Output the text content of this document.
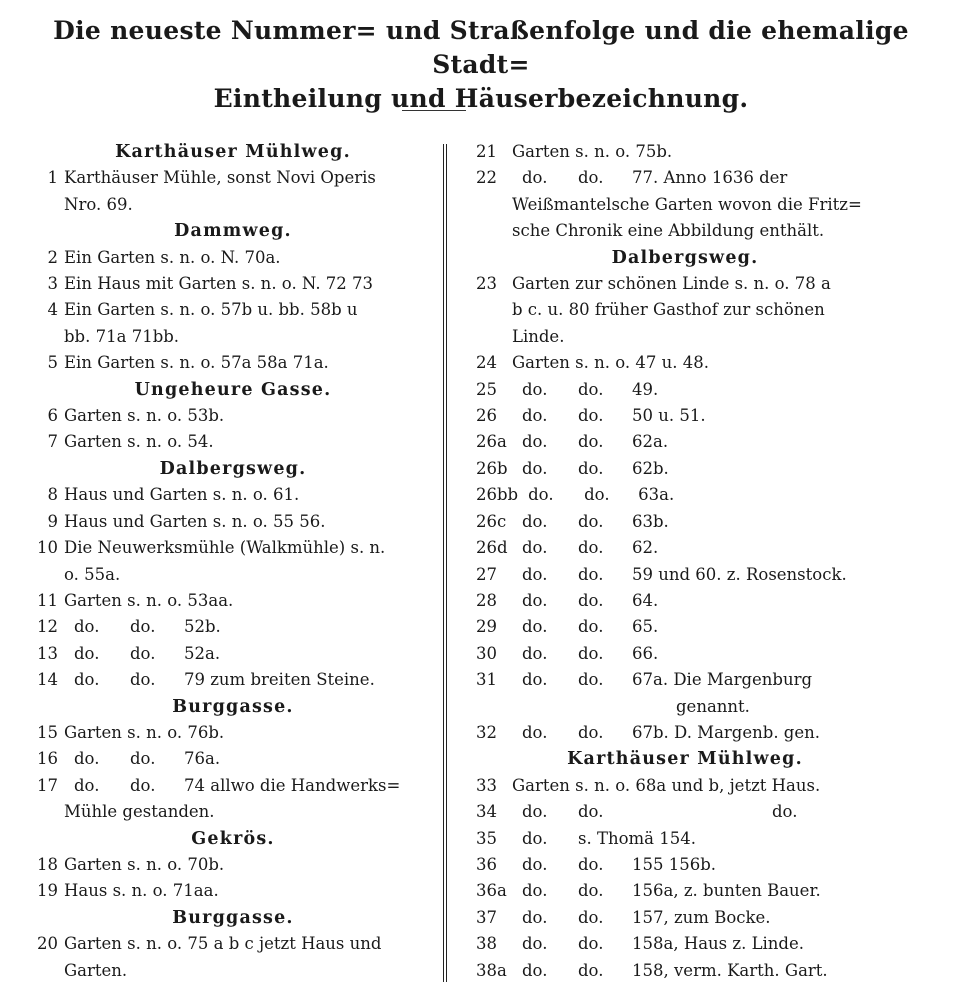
Die neueste Nummer= und Straßenfolge und die ehemalige Stadt=
Eintheilung und Häuserbezeichnung.
Karthäuser Mühlweg.
1 Karthäuser Mühle, sonst Novi Operis
Nro. 69.
Dammweg.
2 Ein Garten s. n. o. N. 70a.
3 Ein Haus mit Garten s. n. o. N. 72 73
4 Ein Garten s. n. o. 57b u. bb. 58b u
bb. 71a 71bb.
5 Ein Garten s. n. o. 57a 58a 71a.
Ungeheure Gasse.
6 Garten s. n. o. 53b.
7 Garten s. n. o. 54.
Dalbergsweg.
8 Haus und Garten s. n. o. 61.
9 Haus und Garten s. n. o. 55 56.
10 Die Neuwerksmühle (Walkmühle) s. n.
o. 55a.
11 Garten s. n. o. 53aa.
12 do. do. 52b.
13 do. do. 52a.
14 do. do. 79 zum breiten Steine.
Burggasse.
15 Garten s. n. o. 76b.
16 do. do. 76a.
17 do. do. 74 allwo die Handwerks=
Mühle gestanden.
Gekrös.
18 Garten s. n. o. 70b.
19 Haus s. n. o. 71aa.
Burggasse.
20 Garten s. n. o. 75 a b c jetzt Haus und
Garten.
21 Garten s. n. o. 75b.
22	do. do. 77. Anno 1636 der
Weißmantelsche Garten wovon die Fritz=
sche Chronik eine Abbildung enthält.
Dalbergsweg.
23 Garten zur schönen Linde s. n. o. 78 a
b c. u. 80 früher Gasthof zur schönen
Linde.
24 Garten s. n. o. 47 u. 48.
25	do. do. 49.
26	do. do. 50 u. 51.
26a do. do. 62a.
26b do. do. 62b.
26bb do. do. 63a.
26c do. do. 63b.
26d do. do. 62.
27	do. do. 59 und 60. z. Rosenstock.
28	do. do. 64.
29	do. do. 65.
30	do. do. 66.
31	do. do. 67a. Die Margenburg
genannt.
32	do. do. 67b. D. Margenb. gen.
Karthäuser Mühlweg.
33 Garten s. n. o. 68a und b, jetzt Haus.
34	do. do.	do.
35	do. s. Thomä 154.
36	do. do. 155 156b.
36a do. do. 156a, z. bunten Bauer.
37	do. do. 157, zum Bocke.
38	do. do. 158a, Haus z. Linde.
38a do. do. 158, verm. Karth. Gart.
